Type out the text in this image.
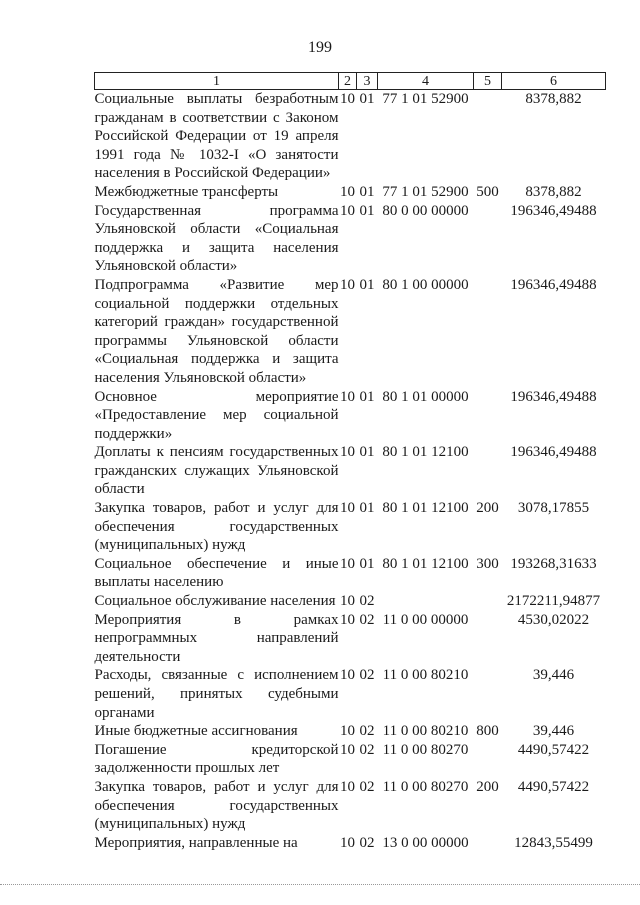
199
1	2	3	4	5	6
Социальные выплаты безработным гражданам в соответствии с Законом Российской Федерации от 19 апреля 1991 года № 1032-I «О занятости населения в Российской Федерации»	10	01	77 1 01 52900		8378,882
Межбюджетные трансферты	10	01	77 1 01 52900	500	8378,882
Государственная программа Ульяновской области «Социальная поддержка и защита населения Ульяновской области»	10	01	80 0 00 00000		196346,49488
Подпрограмма «Развитие мер социальной поддержки отдельных категорий граждан» государственной программы Ульяновской области «Социальная поддержка и защита населения Ульяновской области»	10	01	80 1 00 00000		196346,49488
Основное мероприятие «Предоставление мер социальной поддержки»	10	01	80 1 01 00000		196346,49488
Доплаты к пенсиям государственных гражданских служащих Ульяновской области	10	01	80 1 01 12100		196346,49488
Закупка товаров, работ и услуг для обеспечения государственных (муниципальных) нужд	10	01	80 1 01 12100	200	3078,17855
Социальное обеспечение и иные выплаты населению	10	01	80 1 01 12100	300	193268,31633
Социальное обслуживание населения	10	02			2172211,94877
Мероприятия в рамках непрограммных направлений деятельности	10	02	11 0 00 00000		4530,02022
Расходы, связанные с исполнением решений, принятых судебными органами	10	02	11 0 00 80210		39,446
Иные бюджетные ассигнования	10	02	11 0 00 80210	800	39,446
Погашение кредиторской задолженности прошлых лет	10	02	11 0 00 80270		4490,57422
Закупка товаров, работ и услуг для обеспечения государственных (муниципальных) нужд	10	02	11 0 00 80270	200	4490,57422
Мероприятия, направленные на	10	02	13 0 00 00000		12843,55499
